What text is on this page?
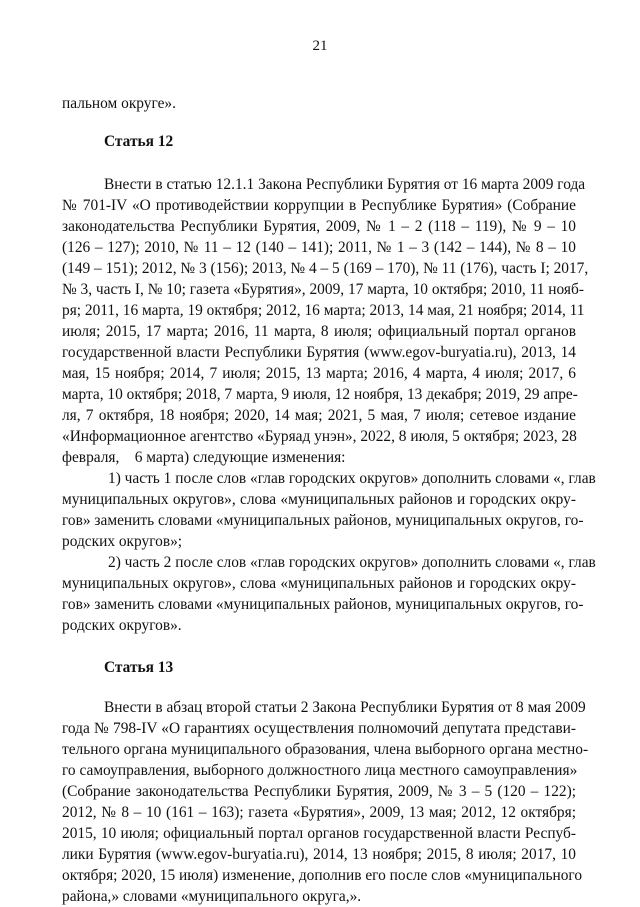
21
пальном округе».
Статья 12
Внести в статью 12.1.1 Закона Республики Бурятия от 16 марта 2009 года
№ 701-IV «О противодействии коррупции в Республике Бурятия» (Собрание
законодательства Республики Бурятия, 2009, № 1 – 2 (118 – 119), № 9 – 10
(126 – 127); 2010, № 11 – 12 (140 – 141); 2011, № 1 – 3 (142 – 144), № 8 – 10
(149 – 151); 2012, № 3 (156); 2013, № 4 – 5 (169 – 170), № 11 (176), часть I; 2017,
№ 3, часть I, № 10; газета «Бурятия», 2009, 17 марта, 10 октября; 2010, 11 нояб-
ря; 2011, 16 марта, 19 октября; 2012, 16 марта; 2013, 14 мая, 21 ноября; 2014, 11
июля; 2015, 17 марта; 2016, 11 марта, 8 июля; официальный портал органов
государственной власти Республики Бурятия (www.egov-buryatia.ru), 2013, 14
мая, 15 ноября; 2014, 7 июля; 2015, 13 марта; 2016, 4 марта, 4 июля; 2017, 6
марта, 10 октября; 2018, 7 марта, 9 июля, 12 ноября, 13 декабря; 2019, 29 апре-
ля, 7 октября, 18 ноября; 2020, 14 мая; 2021, 5 мая, 7 июля; сетевое издание
«Информационное агентство «Буряад унэн», 2022, 8 июля, 5 октября; 2023, 28
февраля,    6 марта) следующие изменения:
1) часть 1 после слов «глав городских округов» дополнить словами «, глав
муниципальных округов», слова «муниципальных районов и городских окру-
гов» заменить словами «муниципальных районов, муниципальных округов, го-
родских округов»;
2) часть 2 после слов «глав городских округов» дополнить словами «, глав
муниципальных округов», слова «муниципальных районов и городских окру-
гов» заменить словами «муниципальных районов, муниципальных округов, го-
родских округов».
Статья 13
Внести в абзац второй статьи 2 Закона Республики Бурятия от 8 мая 2009
года № 798-IV «О гарантиях осуществления полномочий депутата представи-
тельного органа муниципального образования, члена выборного органа местно-
го самоуправления, выборного должностного лица местного самоуправления»
(Собрание законодательства Республики Бурятия, 2009, № 3 – 5 (120 – 122);
2012, № 8 – 10 (161 – 163); газета «Бурятия», 2009, 13 мая; 2012, 12 октября;
2015, 10 июля; официальный портал органов государственной власти Респуб-
лики Бурятия (www.egov-buryatia.ru), 2014, 13 ноября; 2015, 8 июля; 2017, 10
октября; 2020, 15 июля) изменение, дополнив его после слов «муниципального
района,» словами «муниципального округа,».
